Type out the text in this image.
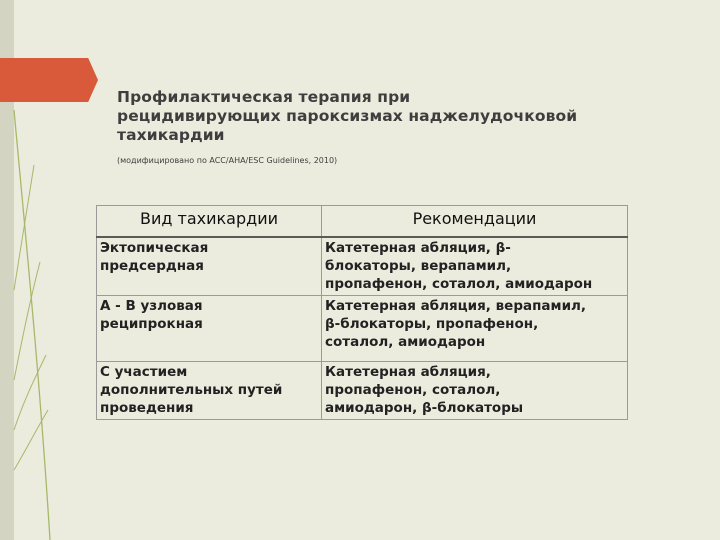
Профилактическая терапия при
рецидивирующих пароксизмах наджелудочковой
тахикардии
(модифицировано по ACC/AHA/ESC Guidelines, 2010)
Вид тахикардии	Рекомендации

Эктопическая
предсердная	Катетерная абляция, β-
блокаторы, верапамил,
пропафенон, соталол, амиодарон

А - В узловая
реципрокная	Катетерная абляция, верапамил,
β-блокаторы, пропафенон,
соталол, амиодарон

С участием
дополнительных путей
проведения	Катетерная абляция,
пропафенон, соталол,
амиодарон, β-блокаторы
